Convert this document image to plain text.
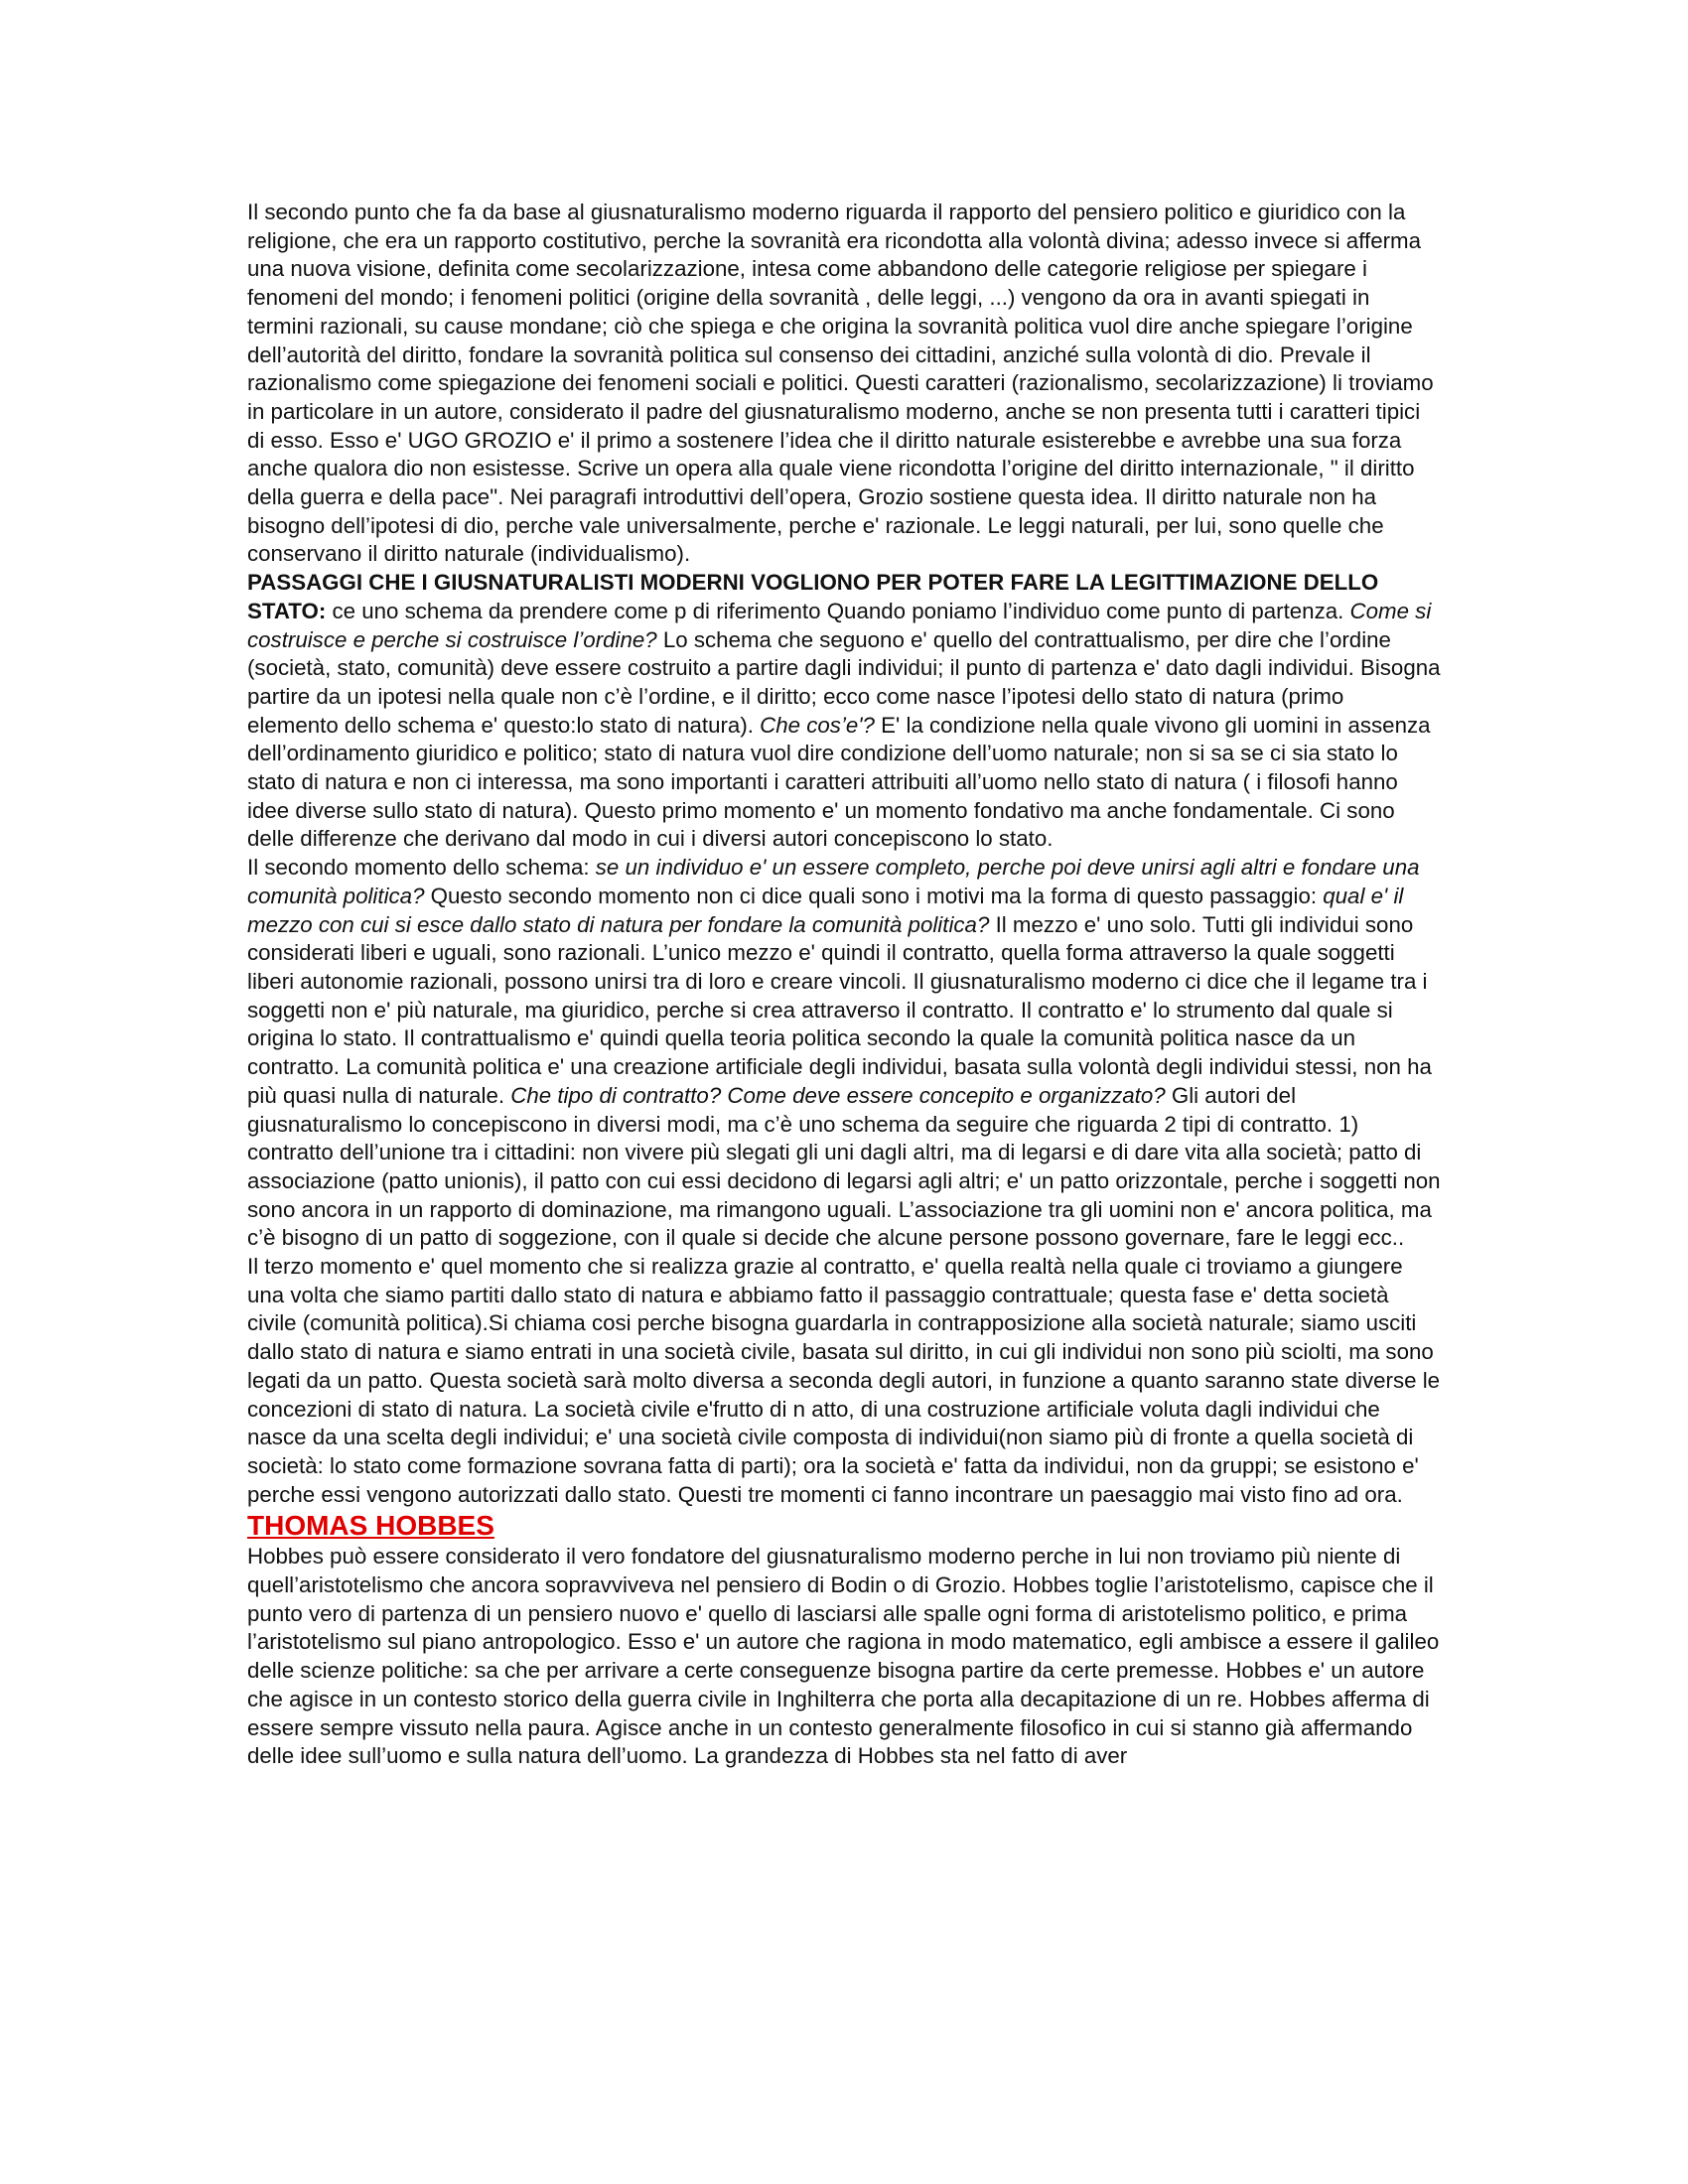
Il secondo punto che fa da base al giusnaturalismo moderno riguarda il rapporto del pensiero politico e giuridico con la religione, che era un rapporto costitutivo, perche la sovranità era ricondotta alla volontà divina; adesso invece si afferma una nuova visione, definita come secolarizzazione, intesa come abbandono delle categorie religiose per spiegare i fenomeni del mondo; i fenomeni politici (origine della sovranità , delle leggi, ...) vengono da ora in avanti spiegati in termini razionali, su cause mondane; ciò che spiega e che origina la sovranità politica vuol dire anche spiegare l’origine dell’autorità del diritto, fondare la sovranità politica sul consenso dei cittadini, anziché sulla volontà di dio. Prevale il razionalismo come spiegazione dei fenomeni sociali e politici. Questi caratteri (razionalismo, secolarizzazione) li troviamo in particolare in un autore, considerato il padre del giusnaturalismo moderno, anche se non presenta tutti i caratteri tipici di esso. Esso e' UGO GROZIO e' il primo a sostenere l’idea che il diritto naturale esisterebbe e avrebbe una sua forza anche qualora dio non esistesse. Scrive un opera alla quale viene ricondotta l’origine del diritto internazionale, " il diritto della guerra e della pace". Nei paragrafi introduttivi dell’opera, Grozio sostiene questa idea. Il diritto naturale non ha bisogno dell’ipotesi di dio, perche vale universalmente, perche e' razionale. Le leggi naturali, per lui, sono quelle che conservano il diritto naturale (individualismo).

PASSAGGI CHE I GIUSNATURALISTI MODERNI VOGLIONO PER POTER FARE LA LEGITTIMAZIONE DELLO STATO: ce uno schema da prendere come p di riferimento Quando poniamo l’individuo come punto di partenza. Come si costruisce e perche si costruisce l’ordine? Lo schema che seguono e' quello del contrattualismo, per dire che l’ordine (società, stato, comunità) deve essere costruito a partire dagli individui; il punto di partenza e' dato dagli individui. Bisogna partire da un ipotesi nella quale non c’è l’ordine, e il diritto; ecco come nasce l’ipotesi dello stato di natura (primo elemento dello schema e' questo:lo stato di natura). Che cos’e'? E' la condizione nella quale vivono gli uomini in assenza dell’ordinamento giuridico e politico; stato di natura vuol dire condizione dell’uomo naturale; non si sa se ci sia stato lo stato di natura e non ci interessa, ma sono importanti i caratteri attribuiti all’uomo nello stato di natura ( i filosofi hanno idee diverse sullo stato di natura). Questo primo momento e' un momento fondativo ma anche fondamentale. Ci sono delle differenze che derivano dal modo in cui i diversi autori concepiscono lo stato.

Il secondo momento dello schema: se un individuo e' un essere completo, perche poi deve unirsi agli altri e fondare una comunità politica? Questo secondo momento non ci dice quali sono i motivi ma la forma di questo passaggio: qual e' il mezzo con cui si esce dallo stato di natura per fondare la comunità politica? Il mezzo e' uno solo. Tutti gli individui sono considerati liberi e uguali, sono razionali. L’unico mezzo e' quindi il contratto, quella forma attraverso la quale soggetti liberi autonomie razionali, possono unirsi tra di loro e creare vincoli. Il giusnaturalismo moderno ci dice che il legame tra i soggetti non e' più naturale, ma giuridico, perche si crea attraverso il contratto. Il contratto e' lo strumento dal quale si origina lo stato. Il contrattualismo e' quindi quella teoria politica secondo la quale la comunità politica nasce da un contratto. La comunità politica e' una creazione artificiale degli individui, basata sulla volontà degli individui stessi, non ha più quasi nulla di naturale. Che tipo di contratto? Come deve essere concepito e organizzato? Gli autori del giusnaturalismo lo concepiscono in diversi modi, ma c’è uno schema da seguire che riguarda 2 tipi di contratto. 1) contratto dell’unione tra i cittadini: non vivere più slegati gli uni dagli altri, ma di legarsi e di dare vita alla società; patto di associazione (patto unionis), il patto con cui essi decidono di legarsi agli altri; e' un patto orizzontale, perche i soggetti non sono ancora in un rapporto di dominazione, ma rimangono uguali. L’associazione tra gli uomini non e' ancora politica, ma c’è bisogno di un patto di soggezione, con il quale si decide che alcune persone possono governare, fare le leggi ecc..

Il terzo momento e' quel momento che si realizza grazie al contratto, e' quella realtà nella quale ci troviamo a giungere una volta che siamo partiti dallo stato di natura e abbiamo fatto il passaggio contrattuale; questa fase e' detta società civile (comunità politica).Si chiama cosi perche bisogna guardarla in contrapposizione alla società naturale; siamo usciti dallo stato di natura e siamo entrati in una società civile, basata sul diritto, in cui gli individui non sono più sciolti, ma sono legati da un patto. Questa società sarà molto diversa a seconda degli autori, in funzione a quanto saranno state diverse le concezioni di stato di natura. La società civile e'frutto di n atto, di una costruzione artificiale voluta dagli individui che nasce da una scelta degli individui; e' una società civile composta di individui(non siamo più di fronte a quella società di società: lo stato come formazione sovrana fatta di parti); ora la società e' fatta da individui, non da gruppi; se esistono e' perche essi vengono autorizzati dallo stato. Questi tre momenti ci fanno incontrare un paesaggio mai visto fino ad ora.

THOMAS HOBBES

Hobbes può essere considerato il vero fondatore del giusnaturalismo moderno perche in lui non troviamo più niente di quell’aristotelismo che ancora sopravviveva nel pensiero di Bodin o di Grozio. Hobbes toglie l’aristotelismo, capisce che il punto vero di partenza di un pensiero nuovo e' quello di lasciarsi alle spalle ogni forma di aristotelismo politico, e prima l’aristotelismo sul piano antropologico. Esso e' un autore che ragiona in modo matematico, egli ambisce a essere il galileo delle scienze politiche: sa che per arrivare a certe conseguenze bisogna partire da certe premesse. Hobbes e' un autore che agisce in un contesto storico della guerra civile in Inghilterra che porta alla decapitazione di un re. Hobbes afferma di essere sempre vissuto nella paura. Agisce anche in un contesto generalmente filosofico in cui si stanno già affermando delle idee sull’uomo e sulla natura dell’uomo. La grandezza di Hobbes sta nel fatto di aver
